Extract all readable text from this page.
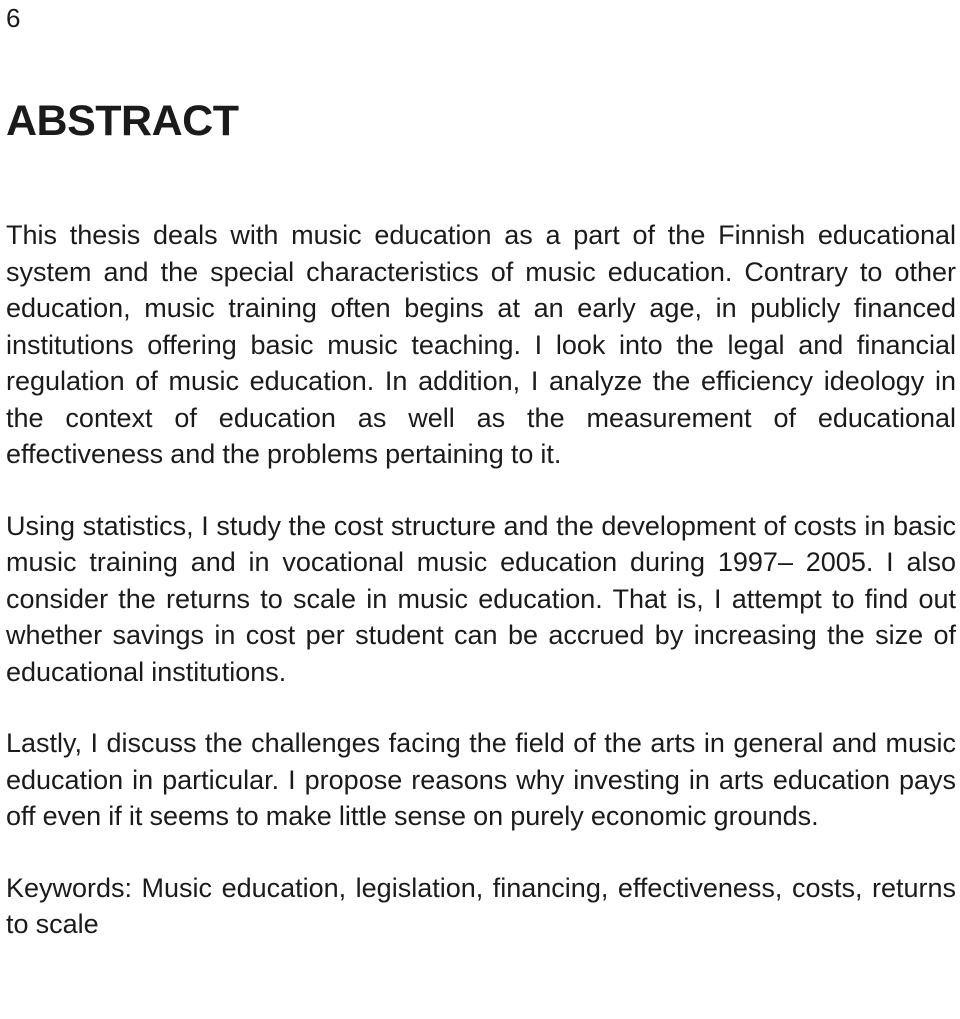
6
ABSTRACT

This thesis deals with music education as a part of the Finnish educational system and the special characteristics of music education. Contrary to other education, music training often begins at an early age, in publicly financed institutions offering basic music teaching. I look into the legal and financial regulation of music education. In addition, I analyze the efficiency ideology in the context of education as well as the measurement of educational effectiveness and the problems pertaining to it.

Using statistics, I study the cost structure and the development of costs in basic music training and in vocational music education during 1997– 2005. I also consider the returns to scale in music education. That is, I attempt to find out whether savings in cost per student can be accrued by increasing the size of educational institutions.

Lastly, I discuss the challenges facing the field of the arts in general and music education in particular. I propose reasons why investing in arts education pays off even if it seems to make little sense on purely economic grounds.

Keywords: Music education, legislation, financing, effectiveness, costs, returns to scale
